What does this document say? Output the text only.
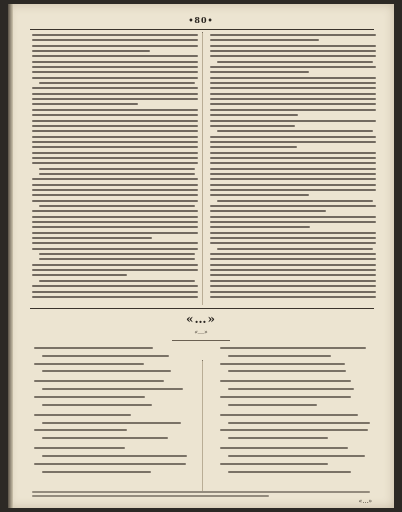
•80•
«…»
«…»
«…»
